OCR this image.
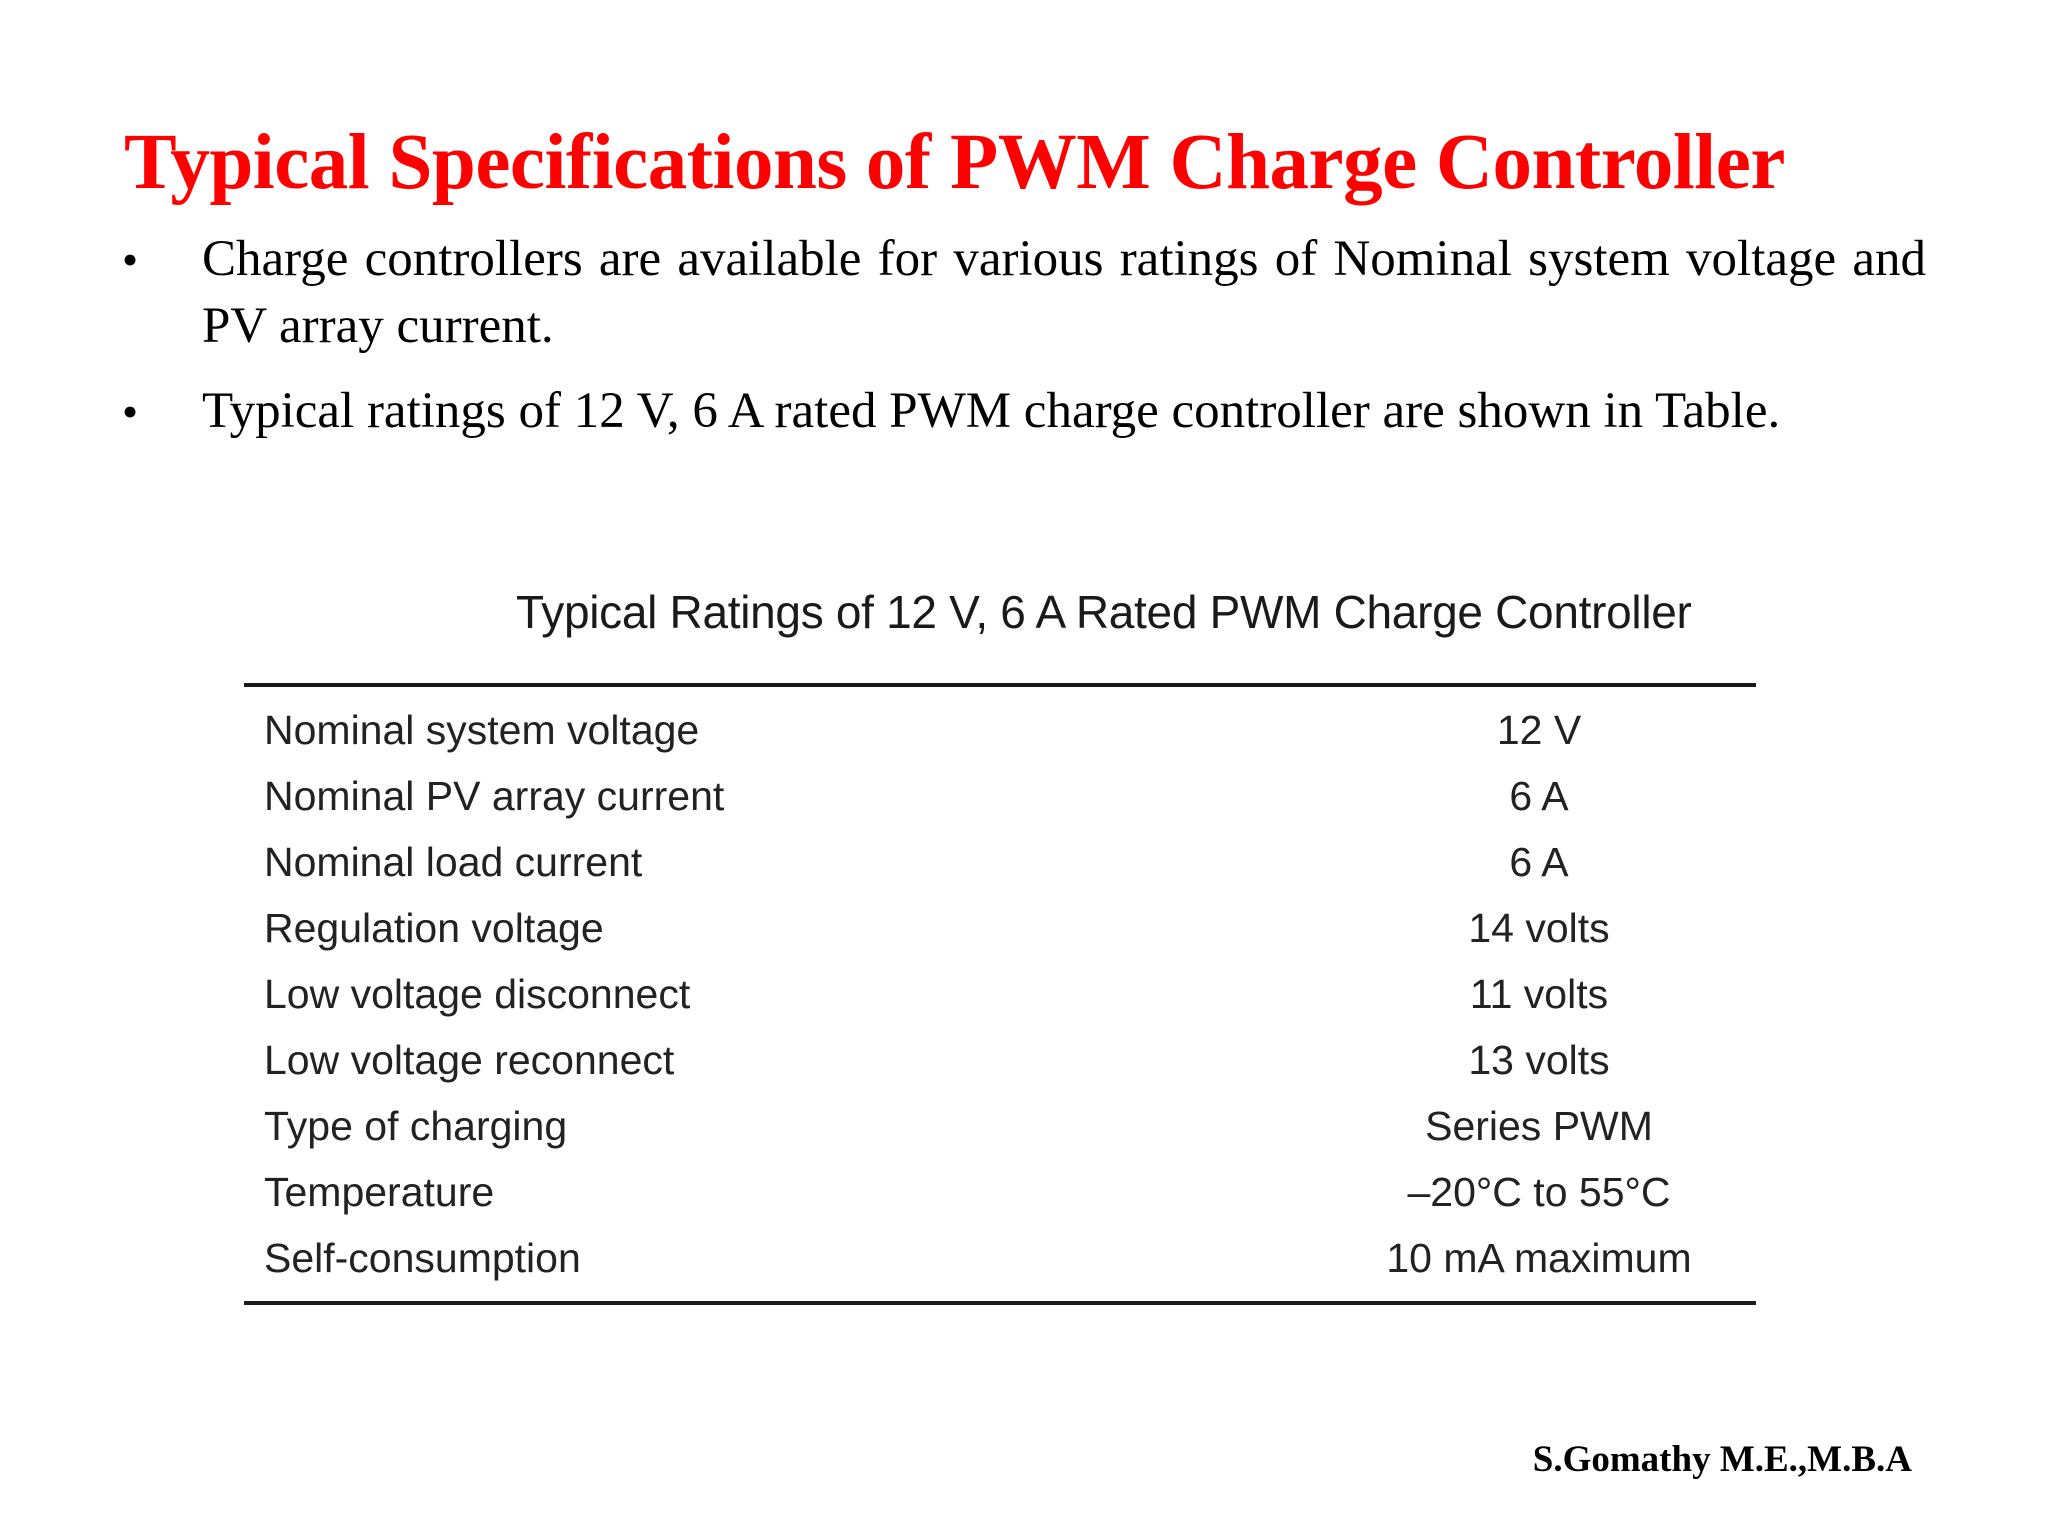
Typical Specifications of PWM Charge Controller
• Charge controllers are available for various ratings of Nominal system voltage and PV array current.
• Typical ratings of 12 V, 6 A rated PWM charge controller are shown in Table.
Typical Ratings of 12 V, 6 A Rated PWM Charge Controller
Nominal system voltage	12 V
Nominal PV array current	6 A
Nominal load current	6 A
Regulation voltage	14 volts
Low voltage disconnect	11 volts
Low voltage reconnect	13 volts
Type of charging	Series PWM
Temperature	–20°C to 55°C
Self-consumption	10 mA maximum
S.Gomathy M.E.,M.B.A
